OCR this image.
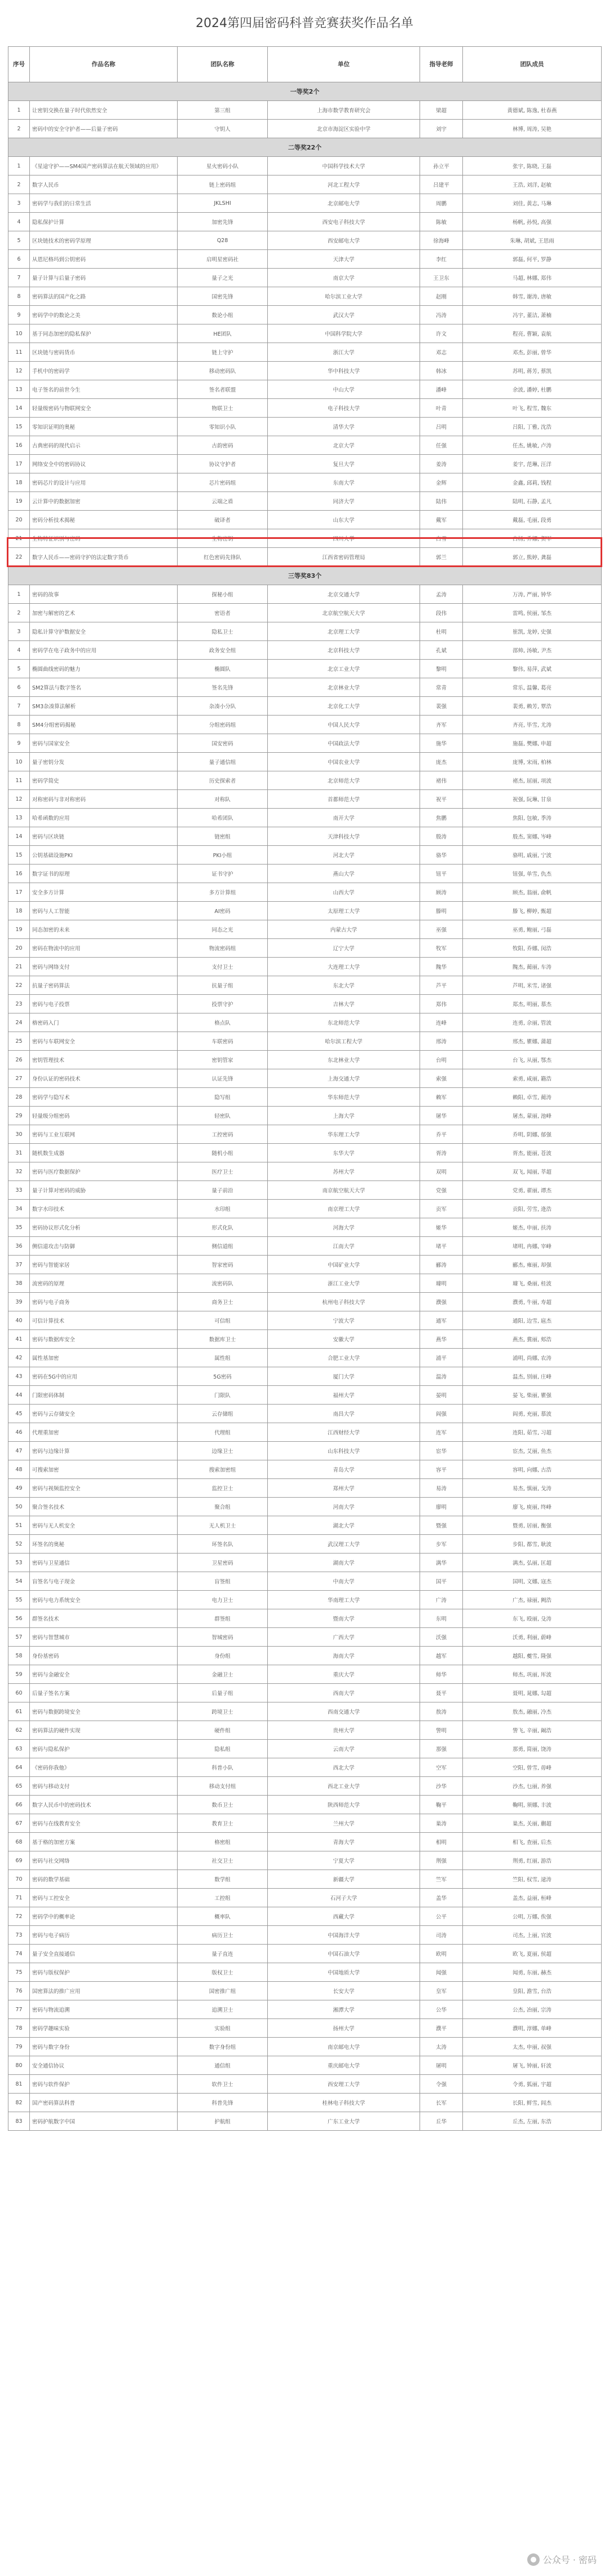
2024第四届密码科普竞赛获奖作品名单
序号	作品名称	团队名称	单位	指导老师	团队成员
一等奖2个					
1	让密钥交换在量子时代依然安全	第三组	上海市数学教育研究会	梁超	黄德斌, 陈逸, 杜春燕
2	密码中的安全守护者——后量子密码	守钥人	北京市海淀区实验中学	刘宇	林博, 周涛, 吴艳
二等奖22个					
1	《星途守护——SM4国产密码算法在航天领域的应用》	星火密码小队	中国科学技术大学	孙立平	张宇, 陈晓, 王磊
2	数字人民币	链上密码组	河北工程大学	吕建平	王浩, 刘洋, 赵敏
3	密码学与我们的日常生活	JKLSHI	北京邮电大学	周鹏	刘佳, 黄志, 马琳
4	隐私保护计算	加密先锋	西安电子科技大学	陈敏	杨帆, 孙悦, 高强
5	区块链技术的密码学原理	Q28	西安邮电大学	徐海峰	朱琳, 胡斌, 王思雨
6	从恩尼格玛到公钥密码	启明星密码社	天津大学	李红	郭磊, 何平, 罗静
7	量子计算与后量子密码	量子之光	南京大学	王卫东	马超, 林娜, 郑伟
8	密码算法的国产化之路	国密先锋	哈尔滨工业大学	赵刚	韩雪, 谢涛, 唐敏
9	密码学中的数论之美	数论小组	武汉大学	冯涛	冯宇, 董洁, 萧楠
10	基于同态加密的隐私保护	HE团队	中国科学院大学	许文	程亮, 曹颖, 袁航
11	区块链与密码货币	链上守护	浙江大学	邓志	邓杰, 彭丽, 曾华
12	手机中的密码学	移动密码队	华中科技大学	韩冰	苏明, 蒋芳, 蔡凯
13	电子签名的前世今生	签名者联盟	中山大学	潘峰	余波, 潘婷, 杜鹏
14	轻量级密码与物联网安全	物联卫士	电子科技大学	叶青	叶飞, 程雪, 魏东
15	零知识证明的奥秘	零知识小队	清华大学	吕明	吕阳, 丁雅, 沈浩
16	古典密码的现代启示	古韵密码	北京大学	任强	任杰, 姚敏, 卢涛
17	网络安全中的密码协议	协议守护者	复旦大学	姜涛	姜宇, 范琳, 汪洋
18	密码芯片的设计与应用	芯片密码组	东南大学	金辉	金鑫, 邱莉, 钱程
19	云计算中的数据加密	云端之盾	同济大学	陆伟	陆明, 石静, 孟凡
20	密码分析技术揭秘	破译者	山东大学	戴军	戴磊, 毛丽, 段勇
21	生物特征识别与密码	生物密钥	四川大学	白雪	白杨, 乔娜, 贺军
22	数字人民币——密码守护的法定数字货币	红色密码先锋队	江西省密码管理局	郭兰	郭立, 熊婷, 龚磊
三等奖83个					
1	密码的故事	探秘小组	北京交通大学	孟涛	万涛, 严丽, 钟华
2	加密与解密的艺术	密语者	北京航空航天大学	段伟	雷鸣, 侯丽, 邹杰
3	隐私计算守护数据安全	隐私卫士	北京理工大学	杜明	崔凯, 龙婷, 史强
4	密码学在电子政务中的应用	政务安全组	北京科技大学	孔斌	邵帅, 汤敏, 尹杰
5	椭圆曲线密码的魅力	椭圆队	北京工业大学	黎明	黎伟, 易萍, 武斌
6	SM2算法与数字签名	签名先锋	北京林业大学	常青	常乐, 温馨, 葛亮
7	SM3杂凑算法解析	杂凑小分队	北京化工大学	裴强	裴勇, 赖芳, 覃浩
8	SM4分组密码揭秘	分组密码组	中国人民大学	齐军	齐亮, 毕雪, 尤涛
9	密码与国家安全	国安密码	中国政法大学	施华	施磊, 樊娜, 申超
10	量子密钥分发	量子通信组	中国农业大学	庞杰	庞博, 宋雨, 柏林
11	密码学简史	历史探索者	北京师范大学	褚伟	褚杰, 屈丽, 项波
12	对称密码与非对称密码	对称队	首都师范大学	祝平	祝强, 阮琳, 甘泉
13	哈希函数的应用	哈希团队	南开大学	焦鹏	焦阳, 包敏, 季涛
14	密码与区块链	链密组	天津科技大学	殷涛	殷杰, 窦娜, 岑峰
15	公钥基础设施PKI	PKI小组	河北大学	骆华	骆明, 戚丽, 宁波
16	数字证书的原理	证书守护	燕山大学	钮平	钮强, 单雪, 仇杰
17	安全多方计算	多方计算组	山西大学	顾涛	顾杰, 翁丽, 俞帆
18	密码与人工智能	AI密码	太原理工大学	滕明	滕飞, 柳婷, 甄超
19	同态加密的未来	同态之光	内蒙古大学	巫强	巫勇, 鲍丽, 弓磊
20	密码在物流中的应用	物流密码组	辽宁大学	牧军	牧阳, 乔娜, 闵浩
21	密码与网络支付	支付卫士	大连理工大学	隗华	隗杰, 蔺丽, 车涛
22	抗量子密码算法	抗量子组	东北大学	芦平	芦明, 米雪, 诸强
23	密码与电子投票	投票守护	吉林大学	郑伟	郑杰, 明丽, 慕杰
24	格密码入门	格点队	东北师范大学	连峰	连勇, 佘丽, 管波
25	密码与车联网安全	车联密码	哈尔滨工程大学	邢涛	邢杰, 瞿娜, 蒲超
26	密钥管理技术	密钥管家	东北林业大学	台明	台飞, 从丽, 鄂杰
27	身份认证的密码技术	认证先锋	上海交通大学	索强	索勇, 咸丽, 籍浩
28	密码学与隐写术	隐写组	华东师范大学	赖军	赖阳, 卓雪, 蔺涛
29	轻量级分组密码	轻密队	上海大学	屠华	屠杰, 蒙丽, 池峰
30	密码与工业互联网	工控密码	华东理工大学	乔平	乔明, 阴娜, 郁强
31	随机数生成器	随机小组	东华大学	胥涛	胥杰, 能丽, 苍波
32	密码与医疗数据保护	医疗卫士	苏州大学	双明	双飞, 闻丽, 莘超
33	量子计算对密码的威胁	量子前沿	南京航空航天大学	党强	党勇, 翟丽, 谭杰
34	数字水印技术	水印组	南京理工大学	贡军	贡阳, 劳雪, 逄浩
35	密码协议形式化分析	形式化队	河海大学	姬华	姬杰, 申丽, 扶涛
36	侧信道攻击与防御	侧信道组	江南大学	堵平	堵明, 冉娜, 宰峰
37	密码与智能家居	智家密码	中国矿业大学	郦涛	郦杰, 雍丽, 却强
38	流密码的原理	流密码队	浙江工业大学	璩明	璩飞, 桑丽, 桂波
39	密码与电子商务	商务卫士	杭州电子科技大学	濮强	濮勇, 牛丽, 寿超
40	可信计算技术	可信组	宁波大学	通军	通阳, 边雪, 扈杰
41	密码与数据库安全	数据库卫士	安徽大学	燕华	燕杰, 冀丽, 郏浩
42	属性基加密	属性组	合肥工业大学	浦平	浦明, 尚娜, 农涛
43	密码在5G中的应用	5G密码	厦门大学	温涛	温杰, 别丽, 庄峰
44	门限密码体制	门限队	福州大学	晏明	晏飞, 柴丽, 瞿强
45	密码与云存储安全	云存储组	南昌大学	阎强	阎勇, 充丽, 慕波
46	代理重加密	代理组	江西财经大学	连军	连阳, 茹雪, 习超
47	密码与边缘计算	边缘卫士	山东科技大学	宦华	宦杰, 艾丽, 鱼杰
48	可搜索加密	搜索加密组	青岛大学	容平	容明, 向娜, 古浩
49	密码与视频监控安全	监控卫士	郑州大学	易涛	易杰, 慎丽, 戈涛
50	聚合签名技术	聚合组	河南大学	廖明	廖飞, 庾丽, 终峰
51	密码与无人机安全	无人机卫士	湖北大学	暨强	暨勇, 居丽, 衡强
52	环签名的奥秘	环签名队	武汉理工大学	步军	步阳, 都雪, 耿波
53	密码与卫星通信	卫星密码	湖南大学	满华	满杰, 弘丽, 匡超
54	盲签名与电子现金	盲签组	中南大学	国平	国明, 文娜, 寇杰
55	密码与电力系统安全	电力卫士	华南理工大学	广涛	广杰, 禄丽, 阙浩
56	群签名技术	群签组	暨南大学	东明	东飞, 殴丽, 殳涛
57	密码与智慧城市	智城密码	广西大学	沃强	沃勇, 利丽, 蔚峰
58	身份基密码	身份组	海南大学	越军	越阳, 夔雪, 隆强
59	密码与金融安全	金融卫士	重庆大学	师华	师杰, 巩丽, 厍波
60	后量子签名方案	后量子组	西南大学	聂平	聂明, 晁娜, 勾超
61	密码与数据跨境安全	跨境卫士	西南交通大学	敖涛	敖杰, 融丽, 冷杰
62	密码算法的硬件实现	硬件组	贵州大学	訾明	訾飞, 辛丽, 阚浩
63	密码与隐私保护	隐私组	云南大学	那强	那勇, 简丽, 饶涛
64	《密码你我他》	科普小队	西北大学	空军	空阳, 曾雪, 毋峰
65	密码与移动支付	移动支付组	西北工业大学	沙华	沙杰, 乜丽, 养强
66	数字人民币中的密码技术	数币卫士	陕西师范大学	鞠平	鞠明, 须娜, 丰波
67	密码与在线教育安全	教育卫士	兰州大学	巢涛	巢杰, 关丽, 蒯超
68	基于格的加密方案	格密组	青海大学	相明	相飞, 查丽, 后杰
69	密码与社交网络	社交卫士	宁夏大学	荆强	荆勇, 红丽, 游浩
70	密码的数学基础	数学组	新疆大学	竺军	竺阳, 权雪, 逯涛
71	密码与工控安全	工控组	石河子大学	盖华	盖杰, 益丽, 桓峰
72	密码学中的概率论	概率队	西藏大学	公平	公明, 万娜, 俟强
73	密码与电子病历	病历卫士	中国海洋大学	司涛	司杰, 上丽, 官波
74	量子安全直接通信	量子直连	中国石油大学	欧明	欧飞, 夏丽, 侯超
75	密码与版权保护	版权卫士	中国地质大学	闻强	闻勇, 东丽, 赫杰
76	国密算法的推广应用	国密推广组	长安大学	皇军	皇阳, 澹雪, 台浩
77	密码与物流追溯	追溯卫士	湘潭大学	公华	公杰, 冶丽, 宗涛
78	密码学趣味实验	实验组	扬州大学	濮平	濮明, 淳娜, 单峰
79	密码与数字身份	数字身份组	南京邮电大学	太涛	太杰, 申丽, 叔强
80	安全通信协议	通信组	重庆邮电大学	屠明	屠飞, 钟丽, 轩波
81	密码与软件保护	软件卫士	西安理工大学	令强	令勇, 狐丽, 宇超
82	国产密码算法科普	科普先锋	桂林电子科技大学	长军	长阳, 鲜雪, 闾杰
83	密码护航数字中国	护航组	广东工业大学	丘华	丘杰, 左丽, 东浩
公众号 · 密码
